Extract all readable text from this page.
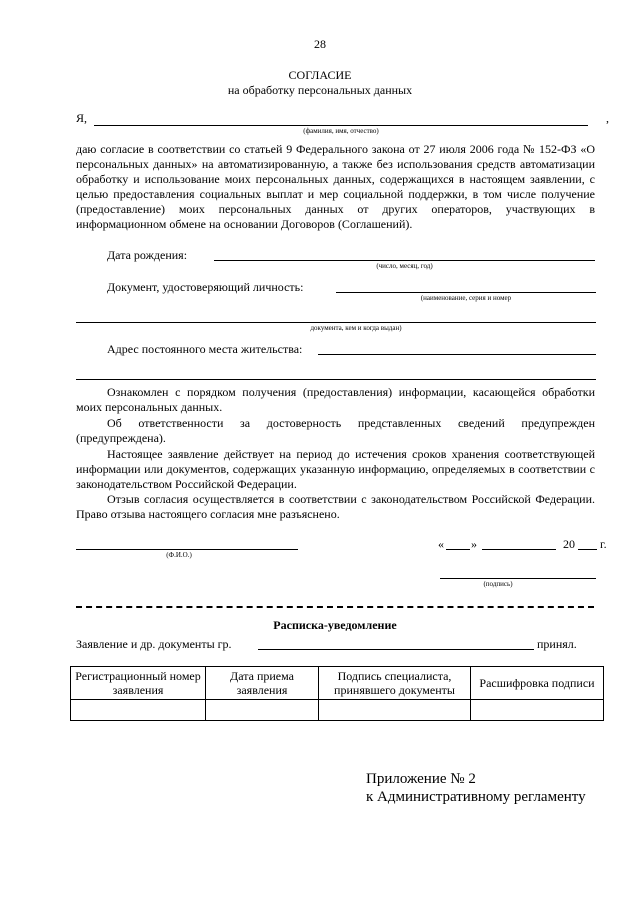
28
СОГЛАСИЕ
на обработку персональных данных
Я,	,
(фамилия, имя, отчество)
даю согласие в соответствии со статьей 9 Федерального закона от 27 июля 2006 года № 152-ФЗ «О персональных данных» на автоматизированную, а также без использования средств автоматизации обработку и использование моих персональных данных, содержащихся в настоящем заявлении, с целью предоставления социальных выплат и мер социальной поддержки, в том числе получение (предоставление) моих персональных данных от других операторов, участвующих в информационном обмене на основании Договоров (Соглашений).
Дата рождения:
(число, месяц, год)
Документ, удостоверяющий личность:
(наименование, серия и номер
документа, кем и когда выдан)
Адрес постоянного места жительства:
Ознакомлен с порядком получения (предоставления) информации, касающейся обработки моих персональных данных.
Об ответственности за достоверность представленных сведений предупрежден (предупреждена).
Настоящее заявление действует на период до истечения сроков хранения соответствующей информации или документов, содержащих указанную информацию, определяемых в соответствии с законодательством Российской Федерации.
Отзыв согласия осуществляется в соответствии с законодательством Российской Федерации. Право отзыва настоящего согласия мне разъяснено.
(Ф.И.О.)
« »	20 г.
(подпись)
Расписка-уведомление
Заявление и др. документы гр.	принял.
Регистрационный номер заявления	Дата приема заявления	Подпись специалиста, принявшего документы	Расшифровка подписи

Приложение № 2
к Административному регламенту
